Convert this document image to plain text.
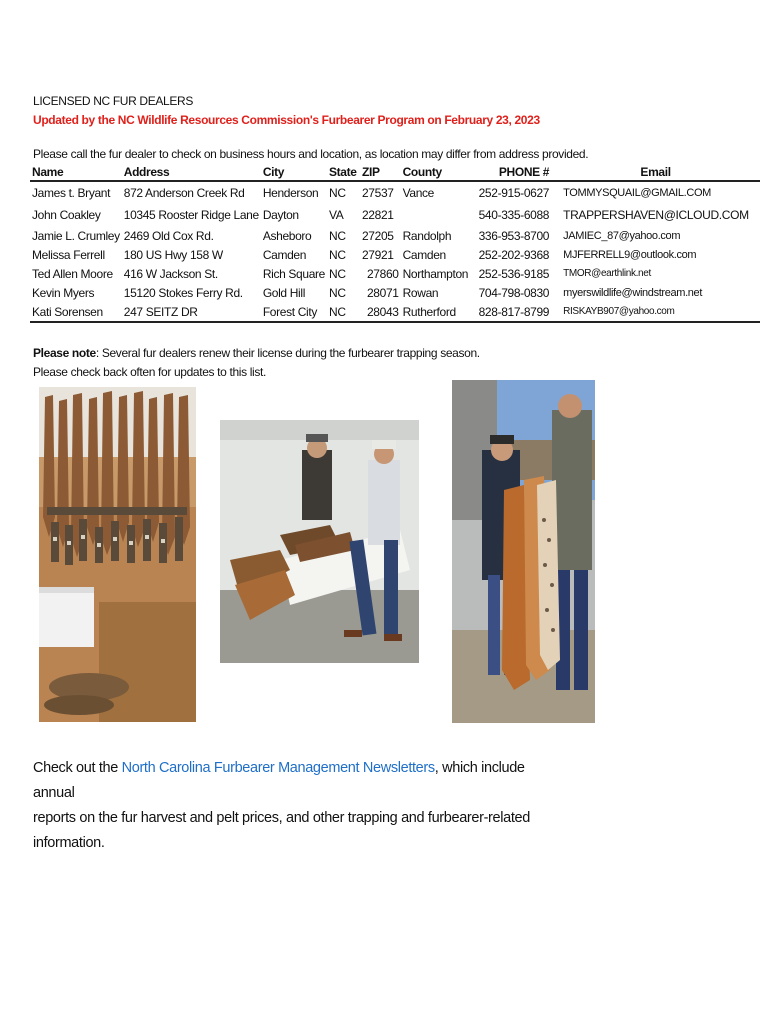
LICENSED NC FUR DEALERS
Updated by the NC Wildlife Resources Commission's Furbearer Program on February 23, 2023
Please call the fur dealer to check on business hours and location, as location may differ from address provided.
Name	Address	City	State	ZIP	County	PHONE #	Email
James t. Bryant	872 Anderson Creek Rd	Henderson	NC	27537	Vance	252-915-0627	TOMMYSQUAIL@GMAIL.COM
John Coakley	10345 Rooster Ridge Lane	Dayton	VA	22821		540-335-6088	TRAPPERSHAVEN@ICLOUD.COM
Jamie L. Crumley	2469 Old Cox Rd.	Asheboro	NC	27205	Randolph	336-953-8700	JAMIEC_87@yahoo.com
Melissa Ferrell	180 US Hwy 158 W	Camden	NC	27921	Camden	252-202-9368	MJFERRELL9@outlook.com
Ted Allen Moore	416 W Jackson St.	Rich Square	NC	27860	Northampton	252-536-9185	TMOR@earthlink.net
Kevin Myers	15120 Stokes Ferry Rd.	Gold Hill	NC	28071	Rowan	704-798-0830	myerswildlife@windstream.net
Kati Sorensen	247 SEITZ DR	Forest City	NC	28043	Rutherford	828-817-8799	RISKAYB907@yahoo.com
Please note: Several fur dealers renew their license during the furbearer trapping season.
Please check back often for updates to this list.
Check out the North Carolina Furbearer Management Newsletters, which include annual
reports on the fur harvest and pelt prices, and other trapping and furbearer-related information.
